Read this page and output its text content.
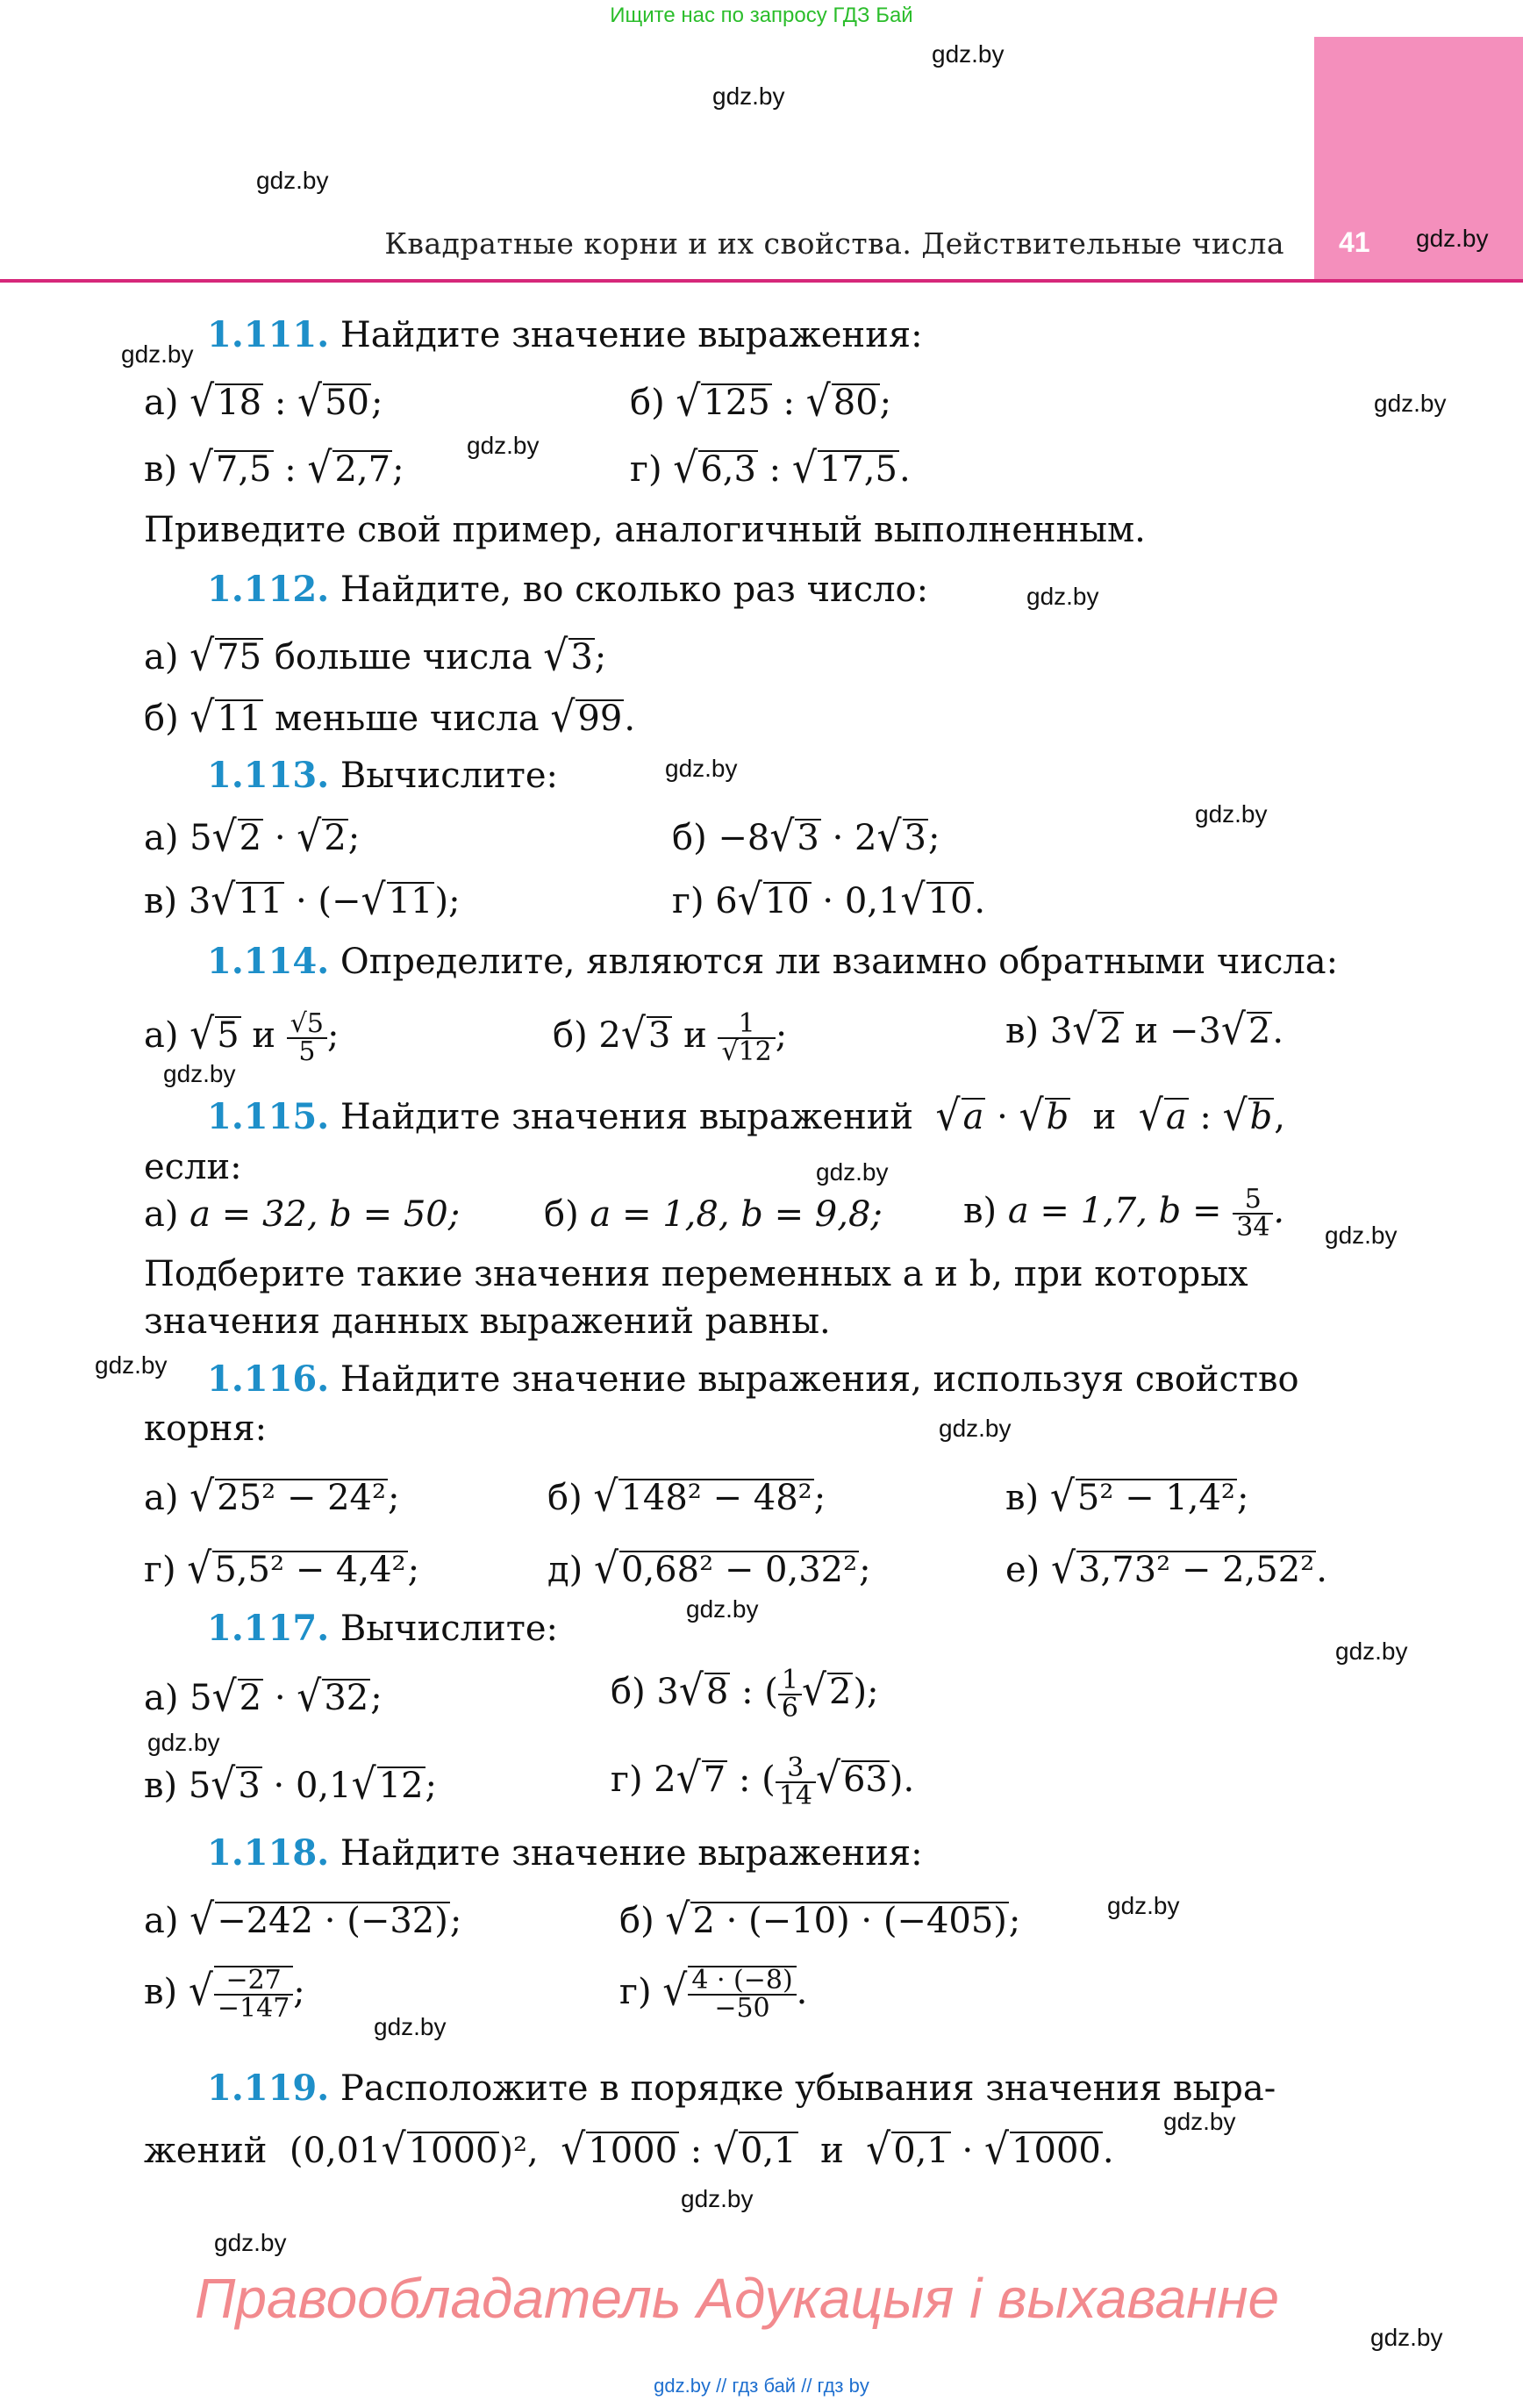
Ищите нас по запросу ГДЗ Бай
41
Квадратные корни и их свойства. Действительные числа
gdz.by
gdz.by
gdz.by
gdz.by
gdz.by
gdz.by
gdz.by
gdz.by
gdz.by
gdz.by
gdz.by
gdz.by
gdz.by
gdz.by
gdz.by
gdz.by
gdz.by
gdz.by
gdz.by
gdz.by
gdz.by
gdz.by
gdz.by
gdz.by
1.111. Найдите значение выражения:
а) √18 : √50;	б) √125 : √80;
в) √7,5 : √2,7;	г) √6,3 : √17,5.
Приведите свой пример, аналогичный выполненным.
1.112. Найдите, во сколько раз число:
а) √75 больше числа √3;
б) √11 меньше числа √99.
1.113. Вычислите:
а) 5√2 · √2;	б) −8√3 · 2√3;
в) 3√11 · (−√11);	г) 6√10 · 0,1√10.
1.114. Определите, являются ли взаимно обратными числа:
а) √5 и $\frac{√5}{5}$ ;	б) 2√3 и $\frac{1}{√12}$ ;	в) 3√2 и −3√2.
1.115. Найдите значения выражений √a · √b  и  √a : √b,
если:
а) a = 32, b = 50; б) a = 1,8, b = 9,8; в) a = 1,7, $b = \frac{5}{34}$ .
Подберите такие значения переменных a и b, при которых
значения данных выражений равны.
1.116. Найдите значение выражения, используя свойство
корня:
а) √25² − 24²;	б) √148² − 48²;	в) √5² − 1,4²;
г) √5,5² − 4,4²;	д) √0,68² − 0,32²;	е) √3,73² − 2,52².
1.117. Вычислите:
а) 5√2 · √32;	б) 3√8 : ( $\frac{1}{6} √2$);
в) 5√3 · 0,1√12;	г) 2√7 : ( $\frac{3}{14} √63$).
1.118. Найдите значение выражения:
а) √−242 · (−32);	б) √2 · (−10) · (−405);
в) √ $\frac{-27}{-147}$ ;	г) √ $\frac{4 \cdot (-8)}{-50}$ .
1.119. Расположите в порядке убывания значения выра-
жений  (0,01√1000)²,  √1000 : √0,1 и √0,1 · √1000.
Правообладатель Адукацыя і выхаванне
gdz.by // гдз бай // гдз by
